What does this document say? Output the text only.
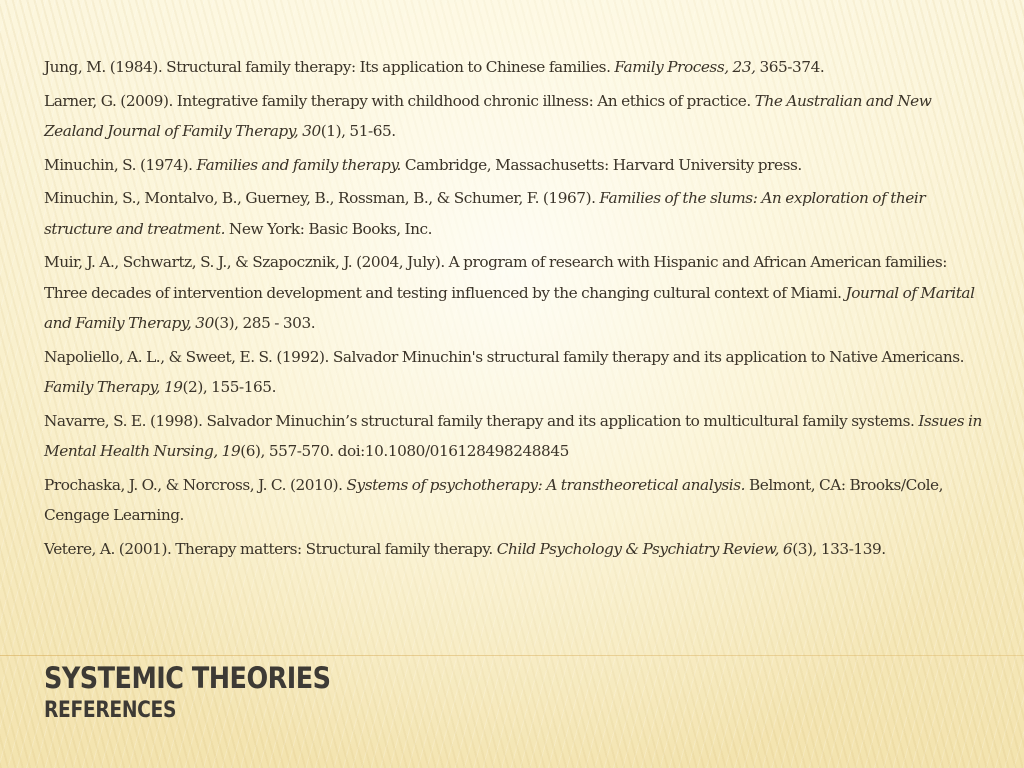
Jung, M. (1984). Structural family therapy: Its application to Chinese families. Family Process, 23, 365-374.
Larner, G. (2009). Integrative family therapy with childhood chronic illness: An ethics of practice. The Australian and New Zealand Journal of Family Therapy, 30(1), 51-65.
Minuchin, S. (1974). Families and family therapy. Cambridge, Massachusetts: Harvard University press.
Minuchin, S., Montalvo, B., Guerney, B., Rossman, B., & Schumer, F. (1967). Families of the slums: An exploration of their structure and treatment. New York: Basic Books, Inc.
Muir, J. A., Schwartz, S. J., & Szapocznik, J. (2004, July). A program of research with Hispanic and African American families: Three decades of intervention development and testing influenced by the changing cultural context of Miami. Journal of Marital and Family Therapy, 30(3), 285 - 303.
Napoliello, A. L., & Sweet, E. S. (1992). Salvador Minuchin's structural family therapy and its application to Native Americans. Family Therapy, 19(2), 155-165.
Navarre, S. E. (1998). Salvador Minuchin’s structural family therapy and its application to multicultural family systems. Issues in Mental Health Nursing, 19(6), 557-570. doi:10.1080/016128498248845
Prochaska, J. O., & Norcross, J. C. (2010). Systems of psychotherapy: A transtheoretical analysis. Belmont, CA: Brooks/Cole, Cengage Learning.
Vetere, A. (2001). Therapy matters: Structural family therapy. Child Psychology & Psychiatry Review, 6(3), 133-139.
SYSTEMIC THEORIES
REFERENCES
